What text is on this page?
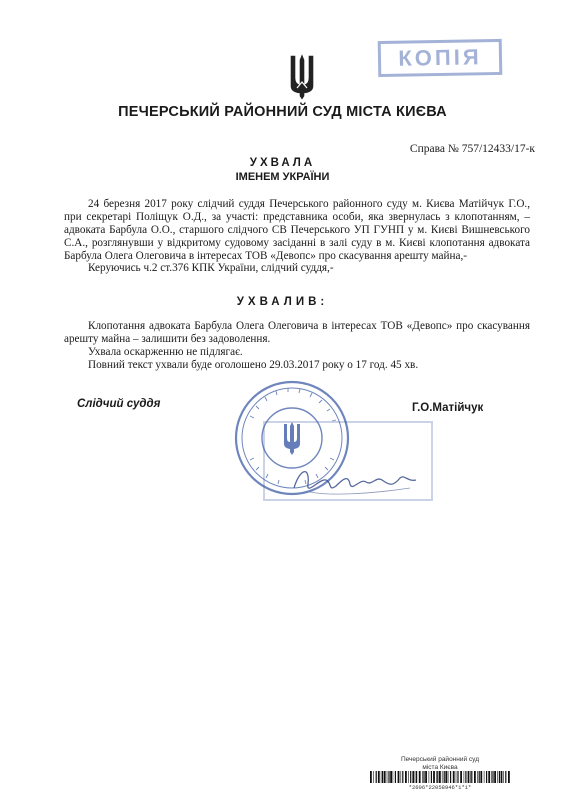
КОПІЯ
ПЕЧЕРСЬКИЙ РАЙОННИЙ СУД МІСТА КИЄВА
Справа № 757/12433/17-к
УХВАЛА
ІМЕНЕМ УКРАЇНИ

24 березня 2017 року слідчий суддя Печерського районного суду м. Києва Матійчук Г.О., при секретарі Поліщук О.Д., за участі: представника особи, яка звернулась з клопотанням, – адвоката Барбула О.О., старшого слідчого СВ Печерського УП ГУНП у м. Києві Вишневського С.А., розглянувши у відкритому судовому засіданні в залі суду в м. Києві клопотання адвоката Барбула Олега Олеговича в інтересах ТОВ «Девопс» про скасування арешту майна,-

Керуючись ч.2 ст.376 КПК України, слідчий суддя,-

УХВАЛИВ:

Клопотання адвоката Барбула Олега Олеговича в інтересах ТОВ «Девопс» про скасування арешту майна – залишити без задоволення.

Ухвала оскарженню не підлягає.

Повний текст ухвали буде оголошено 29.03.2017 року о 17 год. 45 хв.

Слідчий суддя	Г.О.Матійчук
Печерський районний суд
міста Києва
*2606*22058946*1*1*
